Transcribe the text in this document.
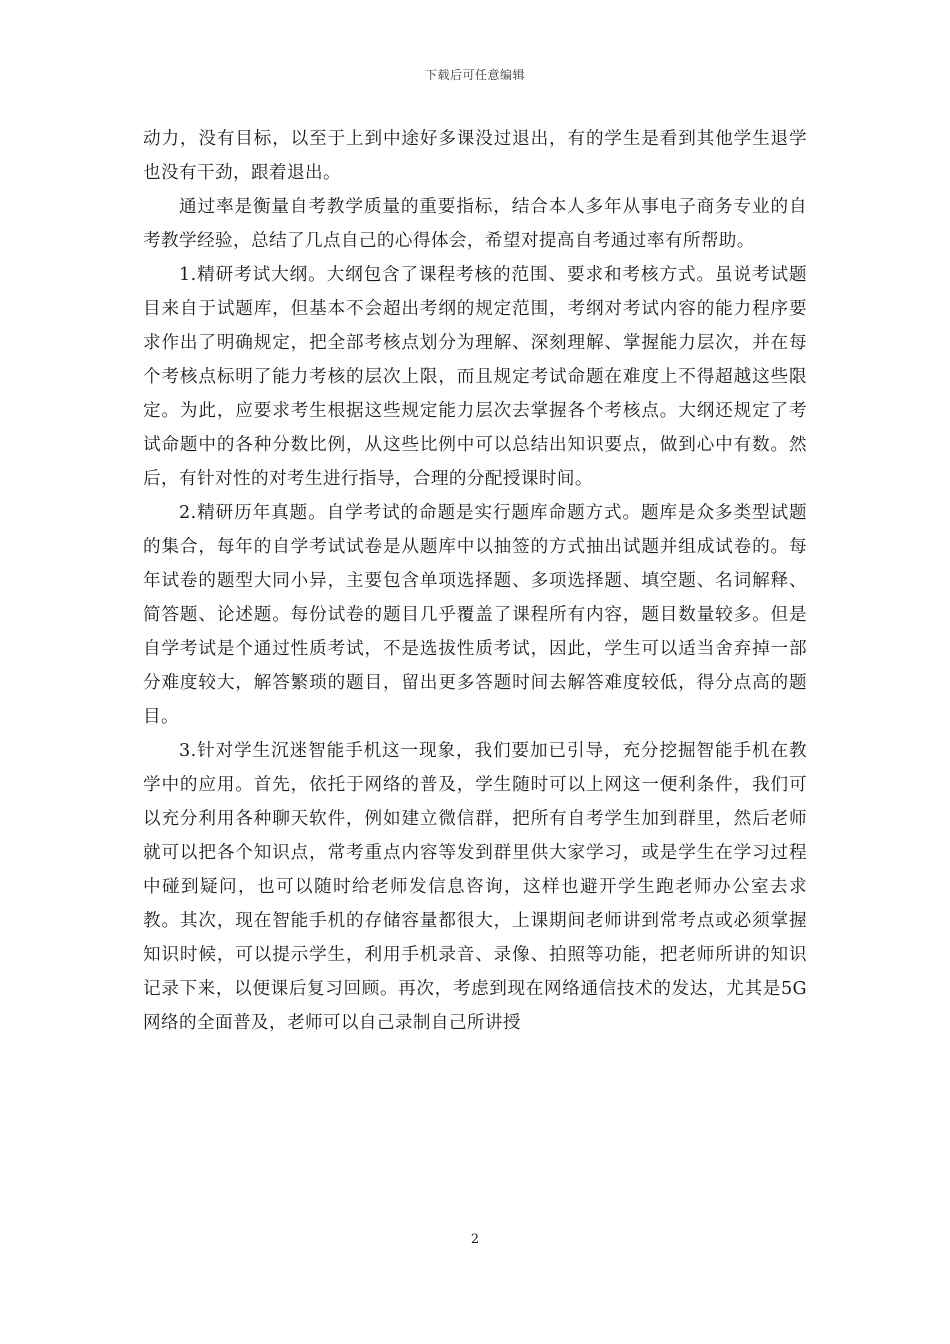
下载后可任意编辑

动力，没有目标，以至于上到中途好多课没过退出，有的学生是看到其他学生退学也没有干劲，跟着退出。

通过率是衡量自考教学质量的重要指标，结合本人多年从事电子商务专业的自考教学经验，总结了几点自己的心得体会，希望对提高自考通过率有所帮助。

1.精研考试大纲。大纲包含了课程考核的范围、要求和考核方式。虽说考试题目来自于试题库，但基本不会超出考纲的规定范围，考纲对考试内容的能力程序要求作出了明确规定，把全部考核点划分为理解、深刻理解、掌握能力层次，并在每个考核点标明了能力考核的层次上限，而且规定考试命题在难度上不得超越这些限定。为此，应要求考生根据这些规定能力层次去掌握各个考核点。大纲还规定了考试命题中的各种分数比例，从这些比例中可以总结出知识要点，做到心中有数。然后，有针对性的对考生进行指导，合理的分配授课时间。

2.精研历年真题。自学考试的命题是实行题库命题方式。题库是众多类型试题的集合，每年的自学考试试卷是从题库中以抽签的方式抽出试题并组成试卷的。每年试卷的题型大同小异，主要包含单项选择题、多项选择题、填空题、名词解释、简答题、论述题。每份试卷的题目几乎覆盖了课程所有内容，题目数量较多。但是自学考试是个通过性质考试，不是选拔性质考试，因此，学生可以适当舍弃掉一部分难度较大，解答繁琐的题目，留出更多答题时间去解答难度较低，得分点高的题目。

3.针对学生沉迷智能手机这一现象，我们要加已引导，充分挖掘智能手机在教学中的应用。首先，依托于网络的普及，学生随时可以上网这一便利条件，我们可以充分利用各种聊天软件，例如建立微信群，把所有自考学生加到群里，然后老师就可以把各个知识点，常考重点内容等发到群里供大家学习，或是学生在学习过程中碰到疑问，也可以随时给老师发信息咨询，这样也避开学生跑老师办公室去求教。其次，现在智能手机的存储容量都很大，上课期间老师讲到常考点或必须掌握知识时候，可以提示学生，利用手机录音、录像、拍照等功能，把老师所讲的知识记录下来，以便课后复习回顾。再次，考虑到现在网络通信技术的发达，尤其是5G网络的全面普及，老师可以自己录制自己所讲授

2
